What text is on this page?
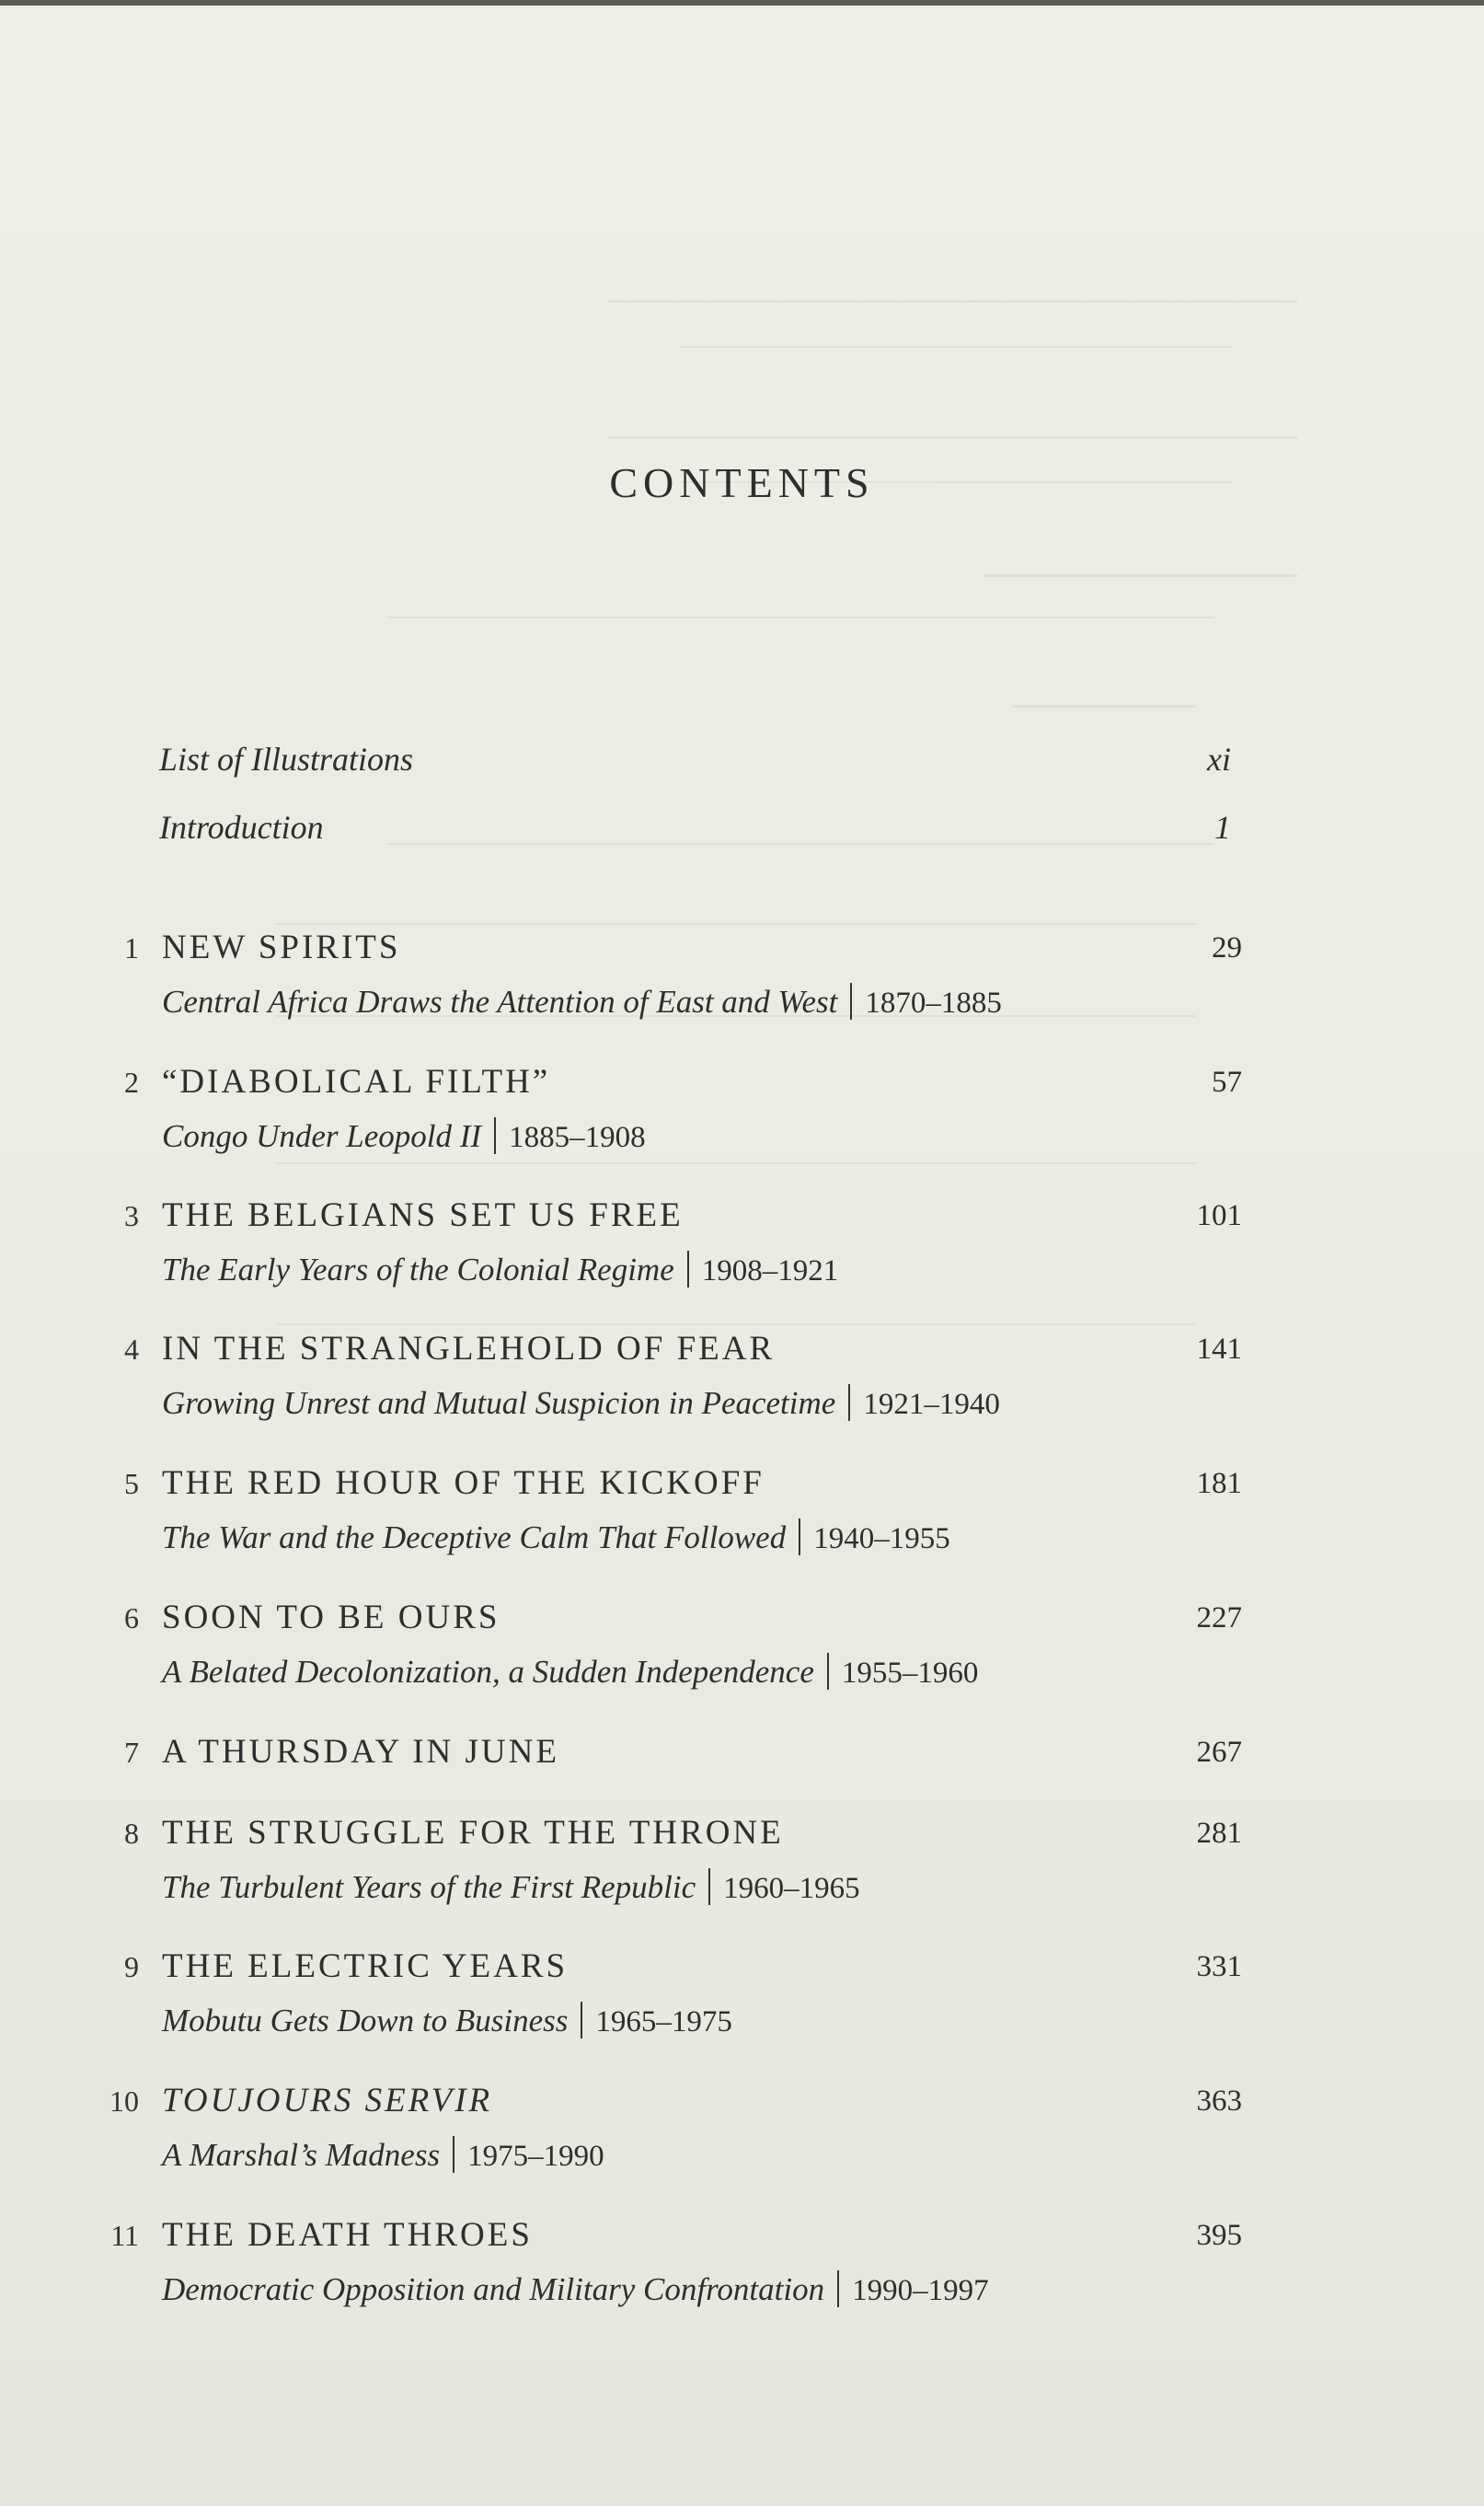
CONTENTS
List of Illustrations	xi
Introduction	1
1 NEW SPIRITS	29
Central Africa Draws the Attention of East and West 1870–1885
2 “DIABOLICAL FILTH”	57
Congo Under Leopold II 1885–1908
3 THE BELGIANS SET US FREE	101
The Early Years of the Colonial Regime 1908–1921
4 IN THE STRANGLEHOLD OF FEAR	141
Growing Unrest and Mutual Suspicion in Peacetime 1921–1940
5 THE RED HOUR OF THE KICKOFF	181
The War and the Deceptive Calm That Followed 1940–1955
6 SOON TO BE OURS	227
A Belated Decolonization, a Sudden Independence 1955–1960
7 A THURSDAY IN JUNE	267
8 THE STRUGGLE FOR THE THRONE	281
The Turbulent Years of the First Republic 1960–1965
9 THE ELECTRIC YEARS	331
Mobutu Gets Down to Business 1965–1975
10 TOUJOURS SERVIR	363
A Marshal’s Madness 1975–1990
11 THE DEATH THROES	395
Democratic Opposition and Military Confrontation 1990–1997
